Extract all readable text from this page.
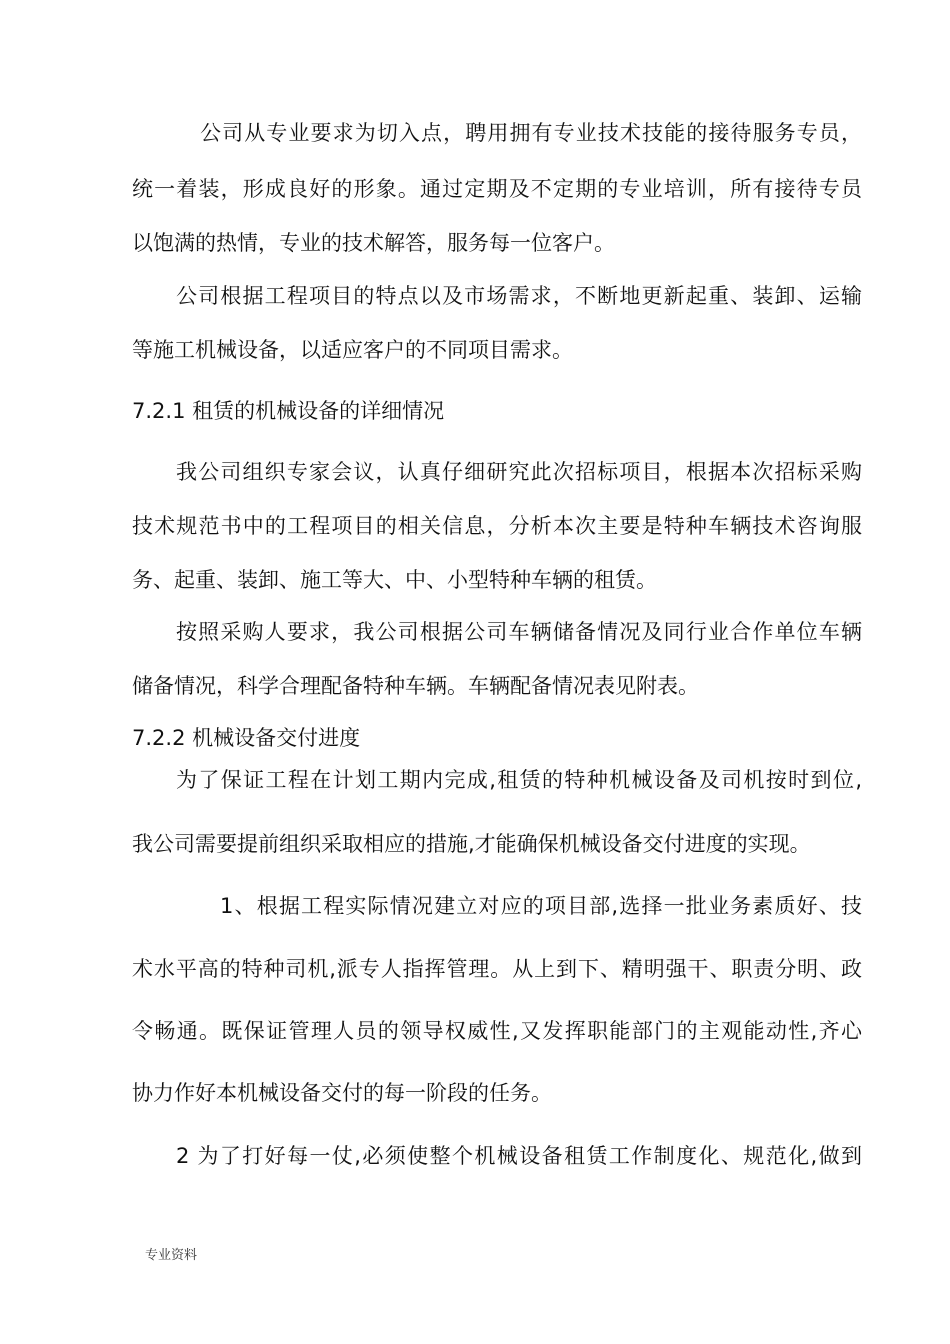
公司从专业要求为切入点，聘用拥有专业技术技能的接待服务专员，
统一着装，形成良好的形象。通过定期及不定期的专业培训，所有接待专员
以饱满的热情，专业的技术解答，服务每一位客户。
公司根据工程项目的特点以及市场需求，不断地更新起重、装卸、运输
等施工机械设备，以适应客户的不同项目需求。
7.2.1 租赁的机械设备的详细情况
我公司组织专家会议，认真仔细研究此次招标项目，根据本次招标采购
技术规范书中的工程项目的相关信息，分析本次主要是特种车辆技术咨询服
务、起重、装卸、施工等大、中、小型特种车辆的租赁。
按照采购人要求，我公司根据公司车辆储备情况及同行业合作单位车辆
储备情况，科学合理配备特种车辆。车辆配备情况表见附表。
7.2.2 机械设备交付进度
为了保证工程在计划工期内完成,租赁的特种机械设备及司机按时到位,
我公司需要提前组织采取相应的措施,才能确保机械设备交付进度的实现。
1、根据工程实际情况建立对应的项目部,选择一批业务素质好、技
术水平高的特种司机,派专人指挥管理。从上到下、精明强干、职责分明、政
令畅通。既保证管理人员的领导权威性,又发挥职能部门的主观能动性,齐心
协力作好本机械设备交付的每一阶段的任务。
2 为了打好每一仗,必须使整个机械设备租赁工作制度化、规范化,做到
专业资料
